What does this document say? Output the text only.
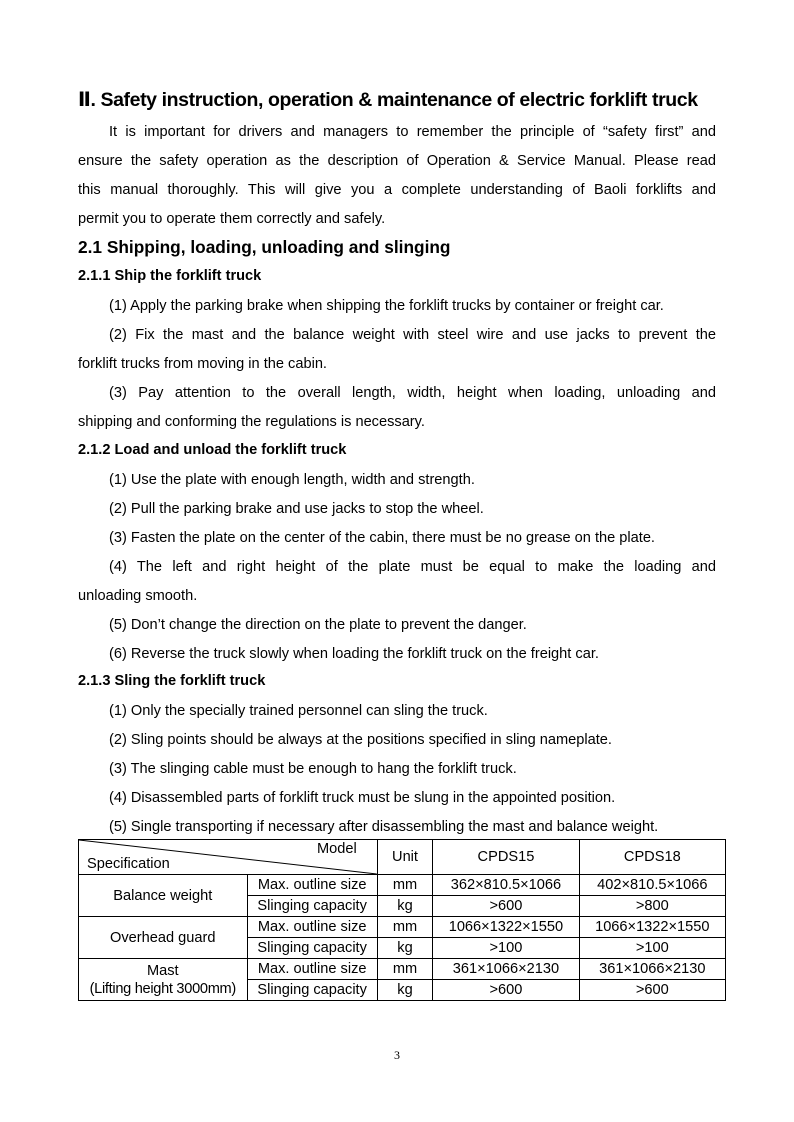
Ⅱ. Safety instruction, operation & maintenance of electric forklift truck
It is important for drivers and managers to remember the principle of “safety first” and
ensure the safety operation as the description of Operation & Service Manual. Please read
this manual thoroughly. This will give you a complete understanding of Baoli forklifts and
permit you to operate them correctly and safely.
2.1 Shipping, loading, unloading and slinging
2.1.1 Ship the forklift truck
(1) Apply the parking brake when shipping the forklift trucks by container or freight car.
(2) Fix the mast and the balance weight with steel wire and use jacks to prevent the
forklift trucks from moving in the cabin.
(3) Pay attention to the overall length, width, height when loading, unloading and
shipping and conforming the regulations is necessary.
2.1.2 Load and unload the forklift truck
(1) Use the plate with enough length, width and strength.
(2) Pull the parking brake and use jacks to stop the wheel.
(3) Fasten the plate on the center of the cabin, there must be no grease on the plate.
(4) The left and right height of the plate must be equal to make the loading and
unloading smooth.
(5) Don’t change the direction on the plate to prevent the danger.
(6) Reverse the truck slowly when loading the forklift truck on the freight car.
2.1.3 Sling the forklift truck
(1) Only the specially trained personnel can sling the truck.
(2) Sling points should be always at the positions specified in sling nameplate.
(3) The slinging cable must be enough to hang the forklift truck.
(4) Disassembled parts of forklift truck must be slung in the appointed position.
(5) Single transporting if necessary after disassembling the mast and balance weight.
Model
Specification		Unit	CPDS15	CPDS18
Balance weight	Max. outline size	mm	362×810.5×1066	402×810.5×1066
	Slinging capacity	kg	>600	>800
Overhead guard	Max. outline size	mm	1066×1322×1550	1066×1322×1550
	Slinging capacity	kg	>100	>100

Mast
(Lifting height 3000mm)	Max. outline size	mm	361×1066×2130	361×1066×2130
	Slinging capacity	kg	>600	>600
3
